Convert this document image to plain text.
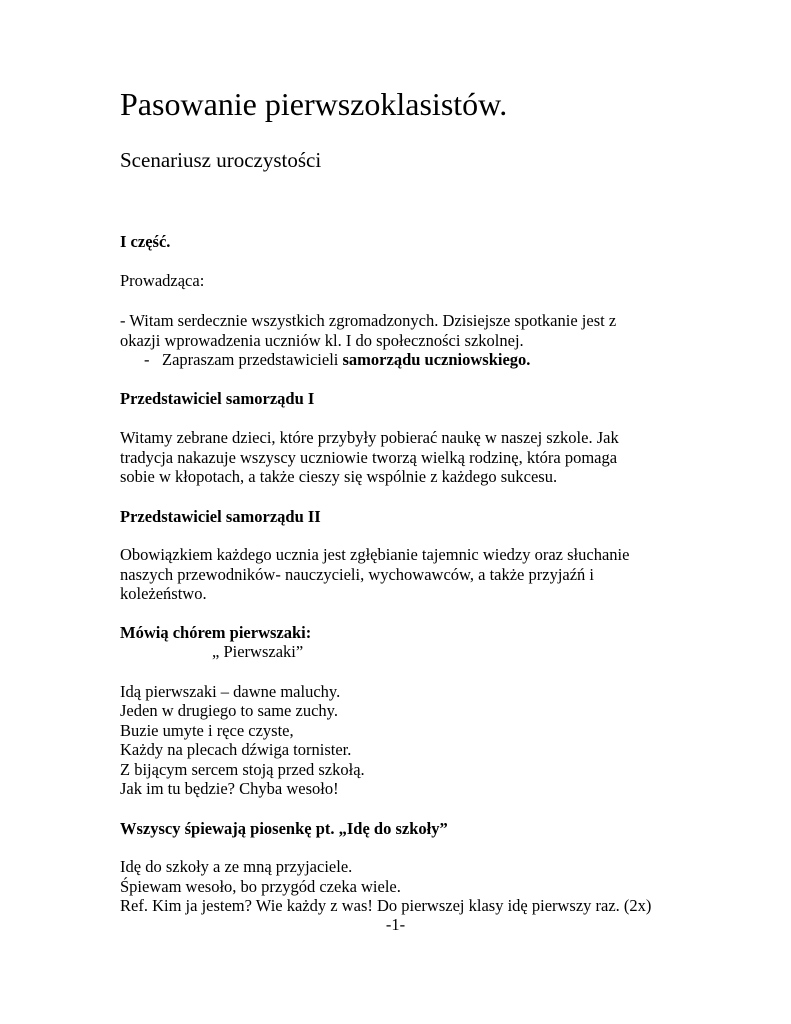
Pasowanie pierwszoklasistów.
Scenariusz uroczystości
I część.
Prowadząca:
- Witam serdecznie wszystkich zgromadzonych. Dzisiejsze spotkanie jest z
okazji wprowadzenia uczniów kl. I do społeczności szkolnej.
- Zapraszam przedstawicieli samorządu uczniowskiego.
Przedstawiciel samorządu I
Witamy zebrane dzieci, które przybyły pobierać naukę w naszej szkole. Jak
tradycja nakazuje wszyscy uczniowie tworzą wielką rodzinę, która pomaga
sobie w kłopotach, a także cieszy się wspólnie z każdego sukcesu.
Przedstawiciel samorządu II
Obowiązkiem każdego ucznia jest zgłębianie tajemnic wiedzy oraz słuchanie
naszych przewodników- nauczycieli, wychowawców, a także przyjaźń i
koleżeństwo.
Mówią chórem pierwszaki:
„ Pierwszaki”
Idą pierwszaki – dawne maluchy.
Jeden w drugiego to same zuchy.
Buzie umyte i ręce czyste,
Każdy na plecach dźwiga tornister.
Z bijącym sercem stoją przed szkołą.
Jak im tu będzie? Chyba wesoło!
Wszyscy śpiewają piosenkę pt. „Idę do szkoły”
Idę do szkoły a ze mną przyjaciele.
Śpiewam wesoło, bo przygód czeka wiele.
Ref. Kim ja jestem? Wie każdy z was! Do pierwszej klasy idę pierwszy raz. (2x)
-1-
